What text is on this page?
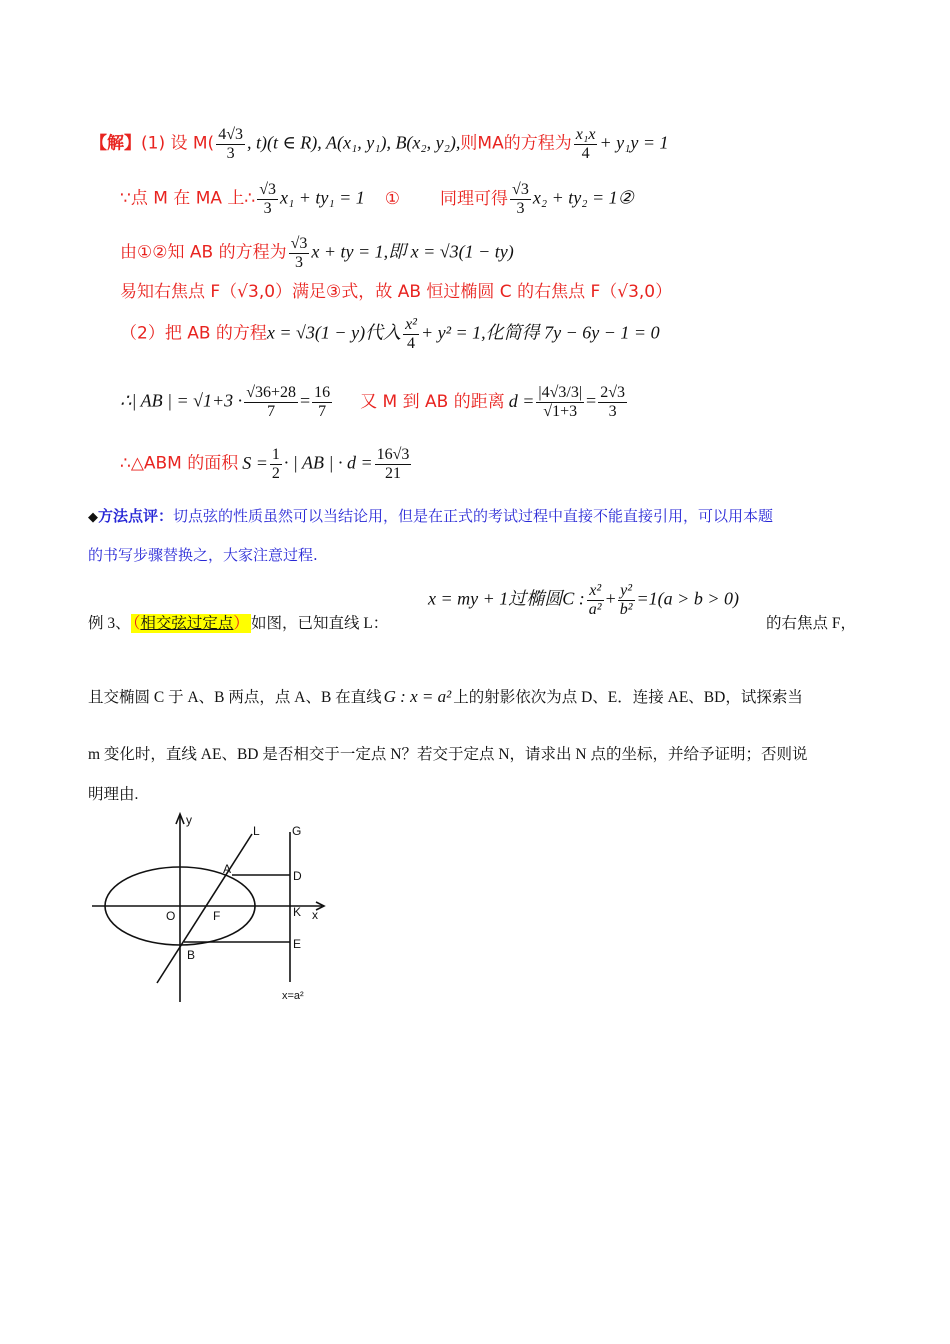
【解】(1) 设 $M( \frac{4√3}{3}$ , t)(t ∈ R), A(x₁, y₁), B(x₂, y₂),则MA的方程为 $\frac{\text{x₁x}}{4} + y_1y = 1$
∵点 M 在 MA 上∴ $\frac{√3}{3} x_1 + ty_1 = 1$ ① 同理可得 $\frac{√3}{3} x_2 + ty_2$ = 1②
由①②知 AB 的方程为 $\frac{√3}{3}$ x + ty = 1,即 x = √3(1 − ty)
易知右焦点 F（√3,0）满足③式，故 AB 恒过椭圆 C 的右焦点 F（√3,0）
（2）把 AB 的方程x = √3(1 − y)代入 $\frac{\text{x²}}{4} + y^2 = 1$,化简得 7y − 6y − 1 = 0
∴| AB | = $√1+3 \cdot \frac{√36+28}{7} = \frac{16}{7}$ 又 M 到 AB 的距离 $d = \frac{|4√3/3|}{√1+3} = \frac{2√3}{3}$
∴△ABM 的面积 $S = \frac{1}{2}$ · | AB | · $d = \frac{16√3}{21}$
◆方法点评：切点弦的性质虽然可以当结论用，但是在正式的考试过程中直接不能直接引用，可以用本题
的书写步骤替换之，大家注意过程.
例 3、 （相交弦过定点） 如图，已知直线 L：
x = my + 1过椭圆C : $\frac{\text{x²}}{\text{a²}} + \frac{\text{y²}}{\text{b²}} =1(a > b > 0)$
的右焦点 F，
且交椭圆 C 于 A、B 两点，点 A、B 在直线 G : x = a² 上的射影依次为点 D、E．连接 AE、BD，试探索当
m 变化时，直线 AE、BD 是否相交于一定点 N？若交于定点 N，请求出 N 点的坐标，并给予证明；否则说
明理由.
y
x
L	G
A	D
O	F	K
B
E
x=a²
